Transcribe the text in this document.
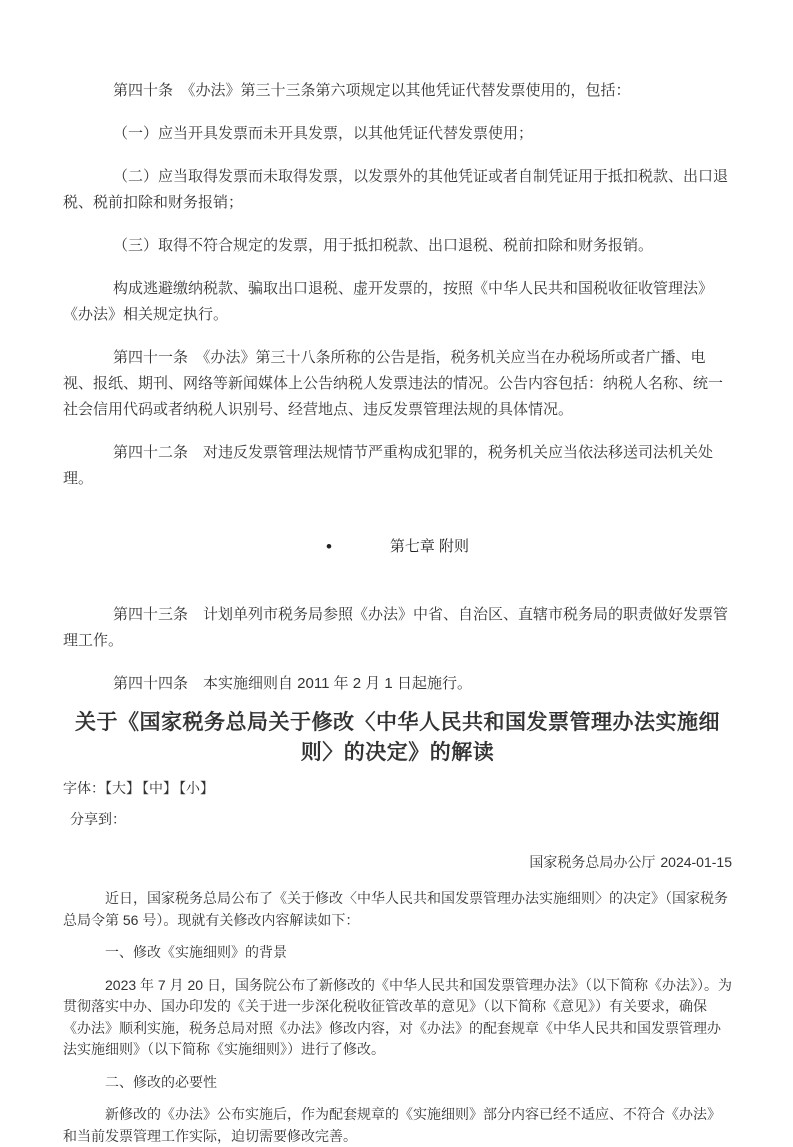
第四十条　《办法》第三十三条第六项规定以其他凭证代替发票使用的，包括：

（一）应当开具发票而未开具发票，以其他凭证代替发票使用；

（二）应当取得发票而未取得发票，以发票外的其他凭证或者自制凭证用于抵扣税款、出口退税、税前扣除和财务报销；

（三）取得不符合规定的发票，用于抵扣税款、出口退税、税前扣除和财务报销。

构成逃避缴纳税款、骗取出口退税、虚开发票的，按照《中华人民共和国税收征收管理法》《办法》相关规定执行。

第四十一条　《办法》第三十八条所称的公告是指，税务机关应当在办税场所或者广播、电视、报纸、期刊、网络等新闻媒体上公告纳税人发票违法的情况。公告内容包括：纳税人名称、统一社会信用代码或者纳税人识别号、经营地点、违反发票管理法规的具体情况。

第四十二条　对违反发票管理法规情节严重构成犯罪的，税务机关应当依法移送司法机关处理。

•	第七章 附则

第四十三条　计划单列市税务局参照《办法》中省、自治区、直辖市税务局的职责做好发票管理工作。

第四十四条　本实施细则自 2011 年 2 月 1 日起施行。

关于《国家税务总局关于修改〈中华人民共和国发票管理办法实施细则〉的决定》的解读
字体：【大】 【中】 【小】
分享到：
国家税务总局办公厅 2024-01-15

近日，国家税务总局公布了《关于修改〈中华人民共和国发票管理办法实施细则〉的决定》（国家税务总局令第 56 号）。现就有关修改内容解读如下：

一、修改《实施细则》的背景

2023 年 7 月 20 日，国务院公布了新修改的《中华人民共和国发票管理办法》（以下简称《办法》）。为贯彻落实中办、国办印发的《关于进一步深化税收征管改革的意见》（以下简称《意见》）有关要求，确保《办法》顺利实施，税务总局对照《办法》修改内容，对《办法》的配套规章《中华人民共和国发票管理办法实施细则》（以下简称《实施细则》）进行了修改。

二、修改的必要性

新修改的《办法》公布实施后，作为配套规章的《实施细则》部分内容已经不适应、不符合《办法》和当前发票管理工作实际，迫切需要修改完善。
